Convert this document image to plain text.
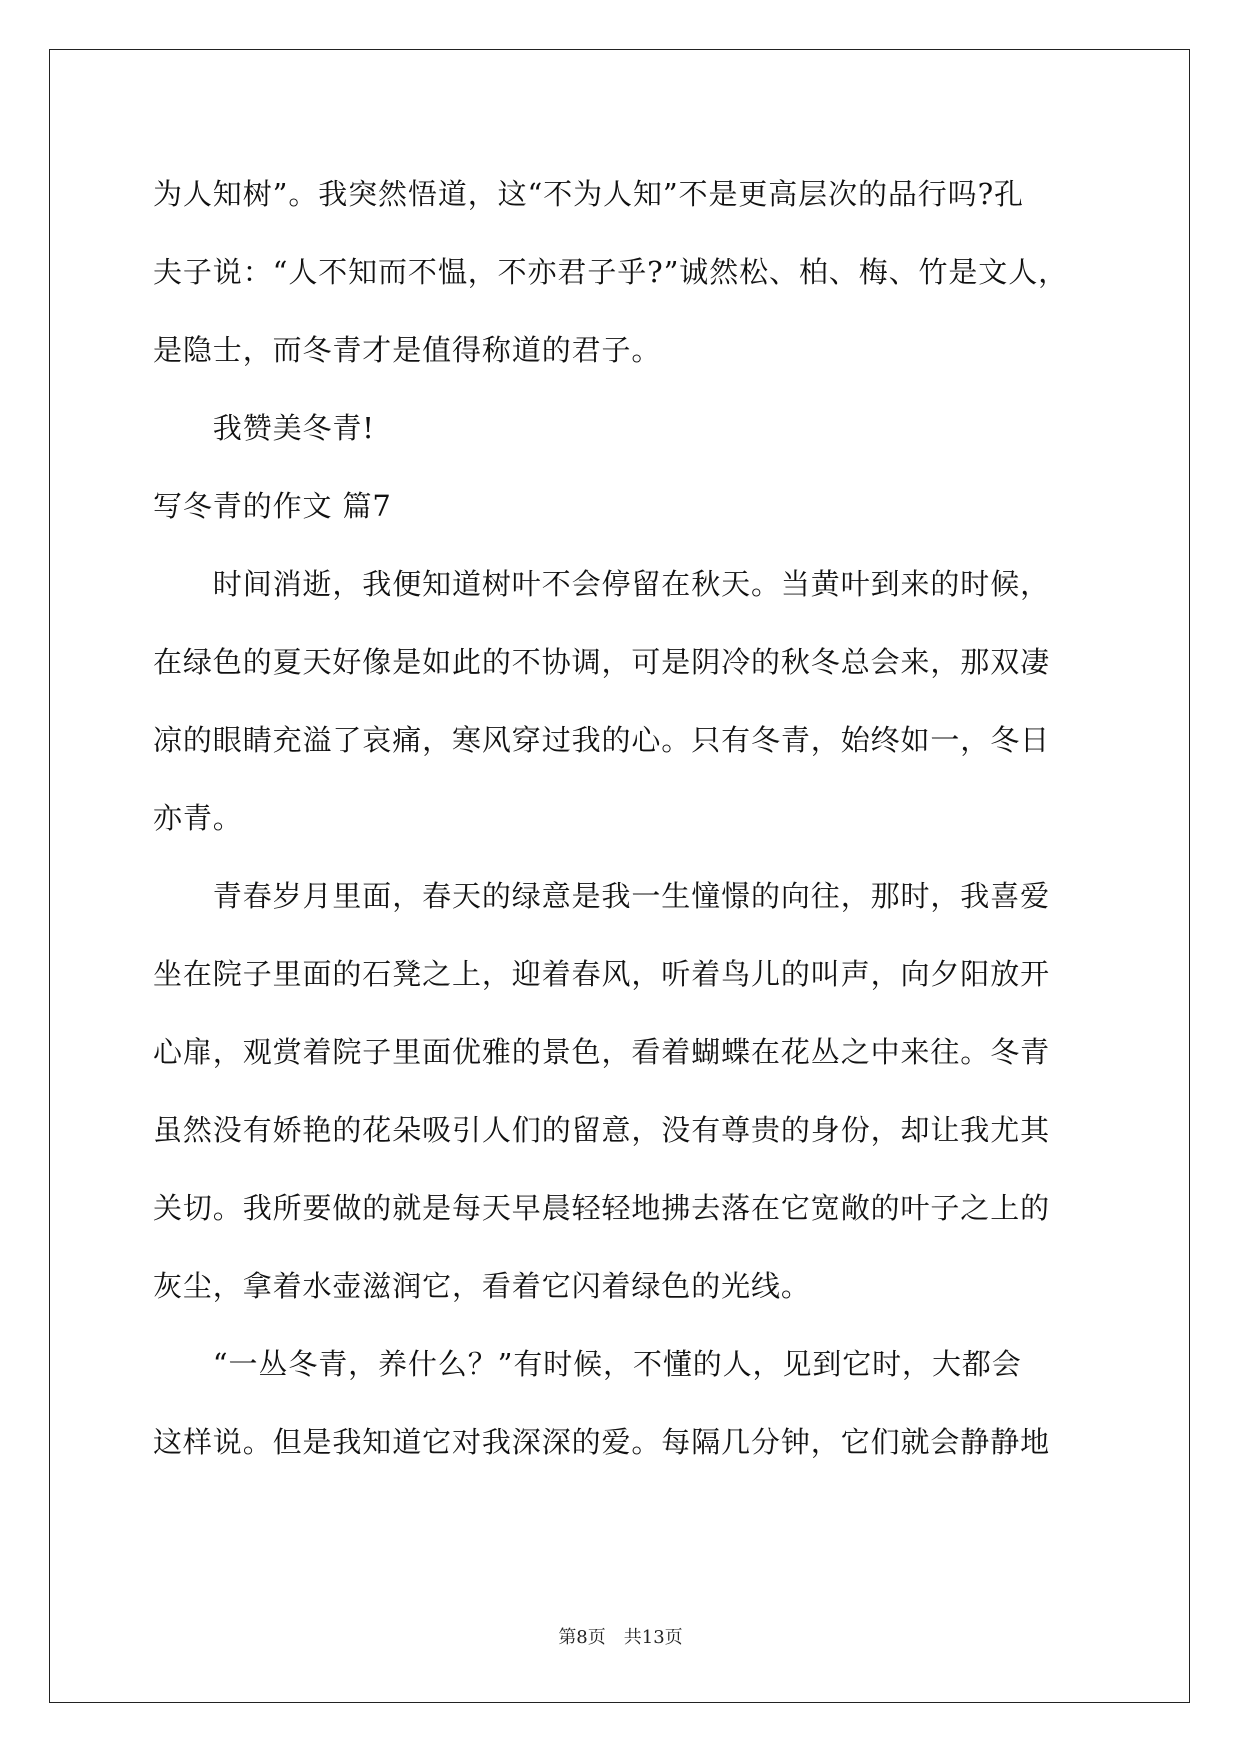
为人知树”。我突然悟道，这“不为人知”不是更高层次的品行吗?孔
夫子说：“人不知而不愠，不亦君子乎?”诚然松、柏、梅、竹是文人，
是隐士，而冬青才是值得称道的君子。
　　我赞美冬青!
写冬青的作文 篇7
　　时间消逝，我便知道树叶不会停留在秋天。当黄叶到来的时候，
在绿色的夏天好像是如此的不协调，可是阴冷的秋冬总会来，那双凄
凉的眼睛充溢了哀痛，寒风穿过我的心。只有冬青，始终如一，冬日
亦青。
　　青春岁月里面，春天的绿意是我一生憧憬的向往，那时，我喜爱
坐在院子里面的石凳之上，迎着春风，听着鸟儿的叫声，向夕阳放开
心扉，观赏着院子里面优雅的景色，看着蝴蝶在花丛之中来往。冬青
虽然没有娇艳的花朵吸引人们的留意，没有尊贵的身份，却让我尤其
关切。我所要做的就是每天早晨轻轻地拂去落在它宽敞的叶子之上的
灰尘，拿着水壶滋润它，看着它闪着绿色的光线。
　　“一丛冬青，养什么？”有时候，不懂的人，见到它时，大都会
这样说。但是我知道它对我深深的爱。每隔几分钟，它们就会静静地
第8页　共13页
